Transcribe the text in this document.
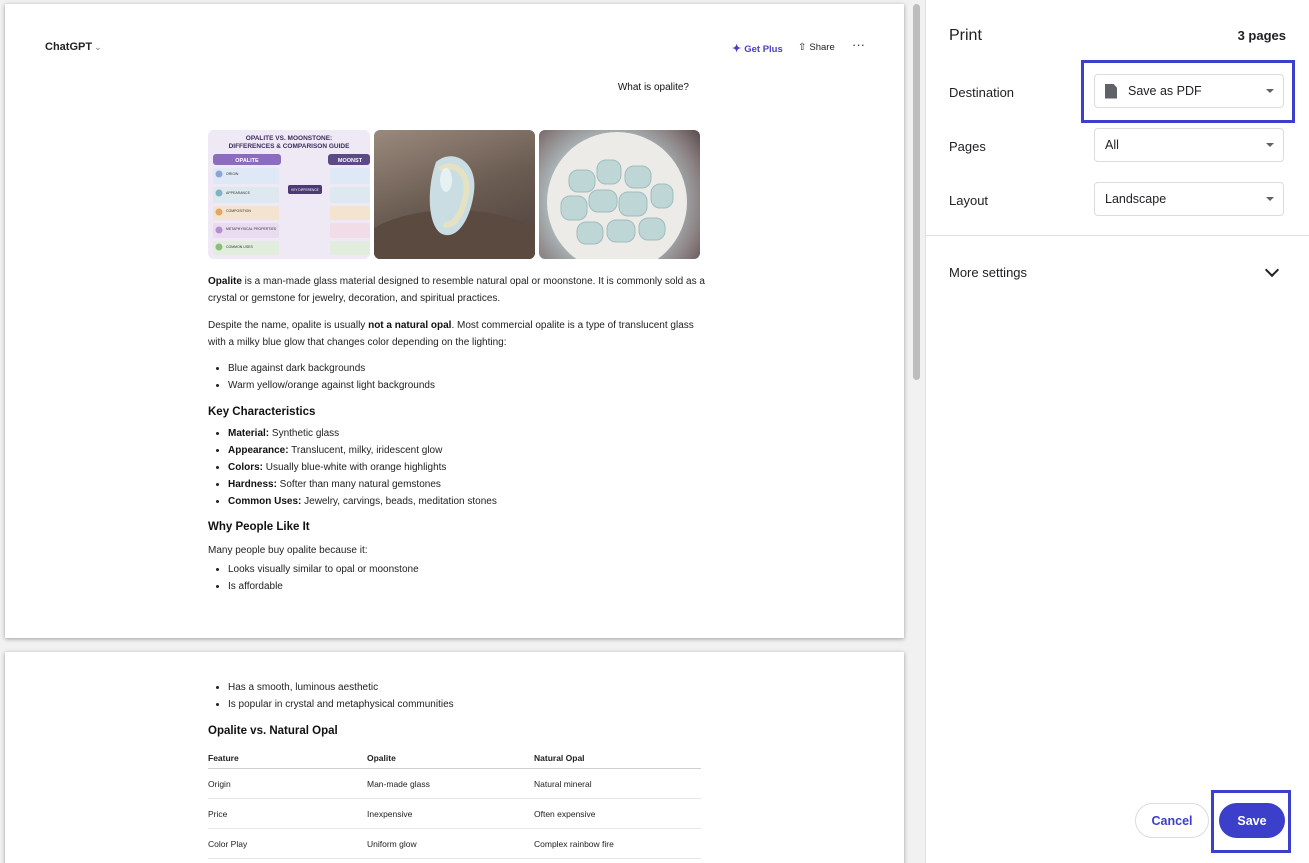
ChatGPT ⌄	✦ Get Plus ⇧ Share ···
What is opalite?
OPALITE VS. MOONSTONE:
DIFFERENCES & COMPARISON GUIDE
OPALITE	MOONST
ORIGIN
APPEARANCE
COMPOSITION
METAPHYSICAL PROPERTIES
COMMON USES
KEY DIFFERENCE

Opalite is a man-made glass material designed to resemble natural opal or moonstone. It is commonly sold as a crystal or gemstone for jewelry, decoration, and spiritual practices.

Despite the name, opalite is usually not a natural opal. Most commercial opalite is a type of translucent glass with a milky blue glow that changes color depending on the lighting:

• Blue against dark backgrounds
• Warm yellow/orange against light backgrounds
Key Characteristics
• Material: Synthetic glass
• Appearance: Translucent, milky, iridescent glow
• Colors: Usually blue-white with orange highlights
• Hardness: Softer than many natural gemstones
• Common Uses: Jewelry, carvings, beads, meditation stones
Why People Like It

Many people buy opalite because it:

• Looks visually similar to opal or moonstone
• Is affordable
• Has a smooth, luminous aesthetic
• Is popular in crystal and metaphysical communities
Opalite vs. Natural Opal
Feature	Opalite	Natural Opal
Origin	Man-made glass	Natural mineral
Price	Inexpensive	Often expensive
Color Play	Uniform glow	Complex rainbow fire
Print	3 pages
Destination	Save as PDF
Pages	All
Layout	Landscape
More settings
Cancel	Save
